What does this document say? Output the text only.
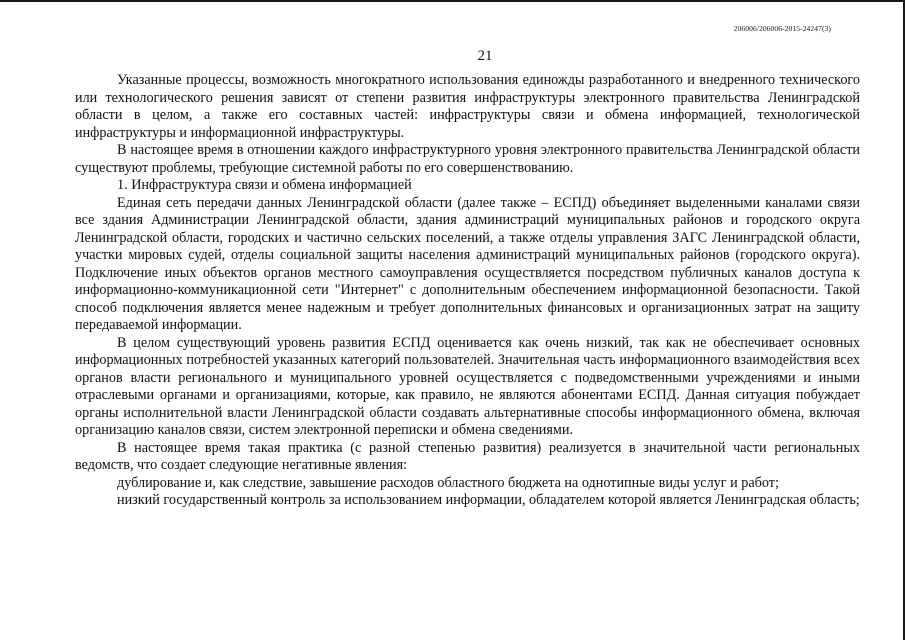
206006/206006-2015-24247(3)
21

Указанные процессы, возможность многократного использования единожды разработанного и внедренного технического или технологического решения зависят от степени развития инфраструктуры электронного правительства Ленинградской области в целом, а также его составных частей: инфраструктуры связи и обмена информацией, технологической инфраструктуры и информационной инфраструктуры.

В настоящее время в отношении каждого инфраструктурного уровня электронного правительства Ленинградской области существуют проблемы, требующие системной работы по его совершенствованию.

1. Инфраструктура связи и обмена информацией

Единая сеть передачи данных Ленинградской области (далее также – ЕСПД) объединяет выделенными каналами связи все здания Администрации Ленинградской области, здания администраций муниципальных районов и городского округа Ленинградской области, городских и частично сельских поселений, а также отделы управления ЗАГС Ленинградской области, участки мировых судей, отделы социальной защиты населения администраций муниципальных районов (городского округа). Подключение иных объектов органов местного самоуправления осуществляется посредством публичных каналов доступа к информационно-коммуникационной сети "Интернет" с дополнительным обеспечением информационной безопасности. Такой способ подключения является менее надежным и требует дополнительных финансовых и организационных затрат на защиту передаваемой информации.

В целом существующий уровень развития ЕСПД оценивается как очень низкий, так как не обеспечивает основных информационных потребностей указанных категорий пользователей. Значительная часть информационного взаимодействия всех органов власти регионального и муниципального уровней осуществляется с подведомственными учреждениями и иными отраслевыми органами и организациями, которые, как правило, не являются абонентами ЕСПД. Данная ситуация побуждает органы исполнительной власти Ленинградской области создавать альтернативные способы информационного обмена, включая организацию каналов связи, систем электронной переписки и обмена сведениями.

В настоящее время такая практика (с разной степенью развития) реализуется в значительной части региональных ведомств, что создает следующие негативные явления:

дублирование и, как следствие, завышение расходов областного бюджета на однотипные виды услуг и работ;

низкий государственный контроль за использованием информации, обладателем которой является Ленинградская область;
